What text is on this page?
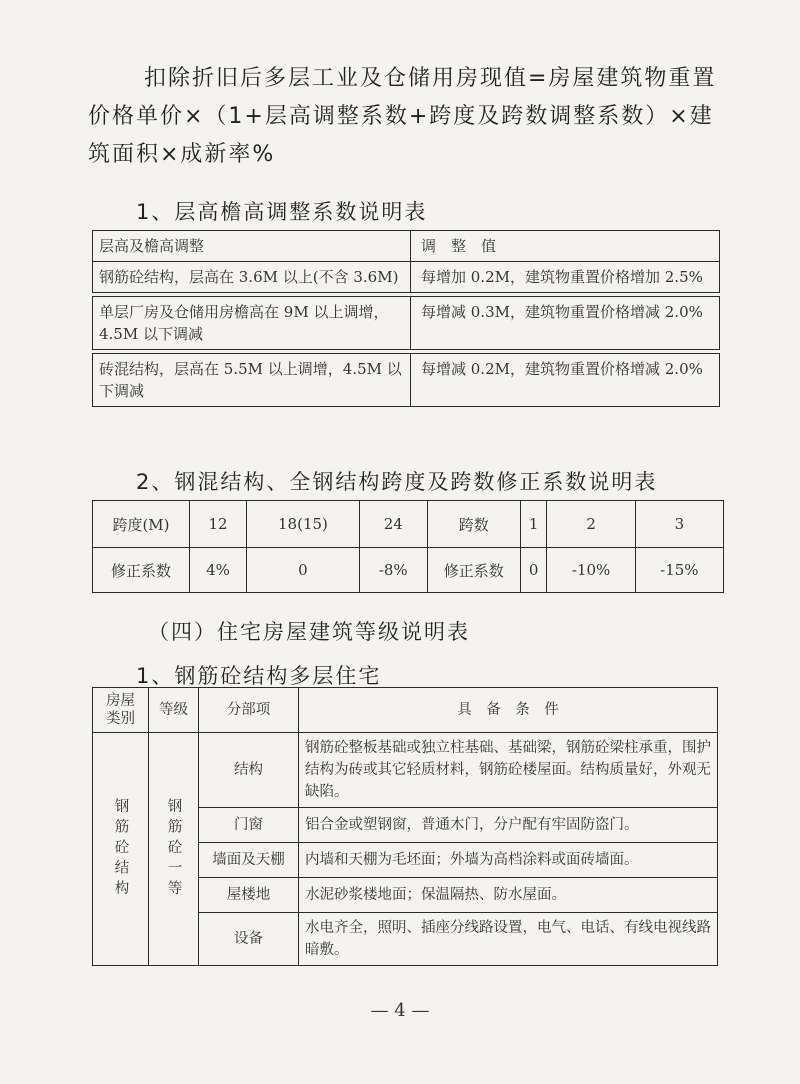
扣除折旧后多层工业及仓储用房现值=房屋建筑物重置
价格单价×（1+层高调整系数+跨度及跨数调整系数）×建
筑面积×成新率%
1、层高檐高调整系数说明表
层高及檐高调整	调　整　值
钢筋砼结构，层高在 3.6M 以上(不含 3.6M)	每增加 0.2M，建筑物重置价格增加 2.5%

单层厂房及仓储用房檐高在 9M 以上调增，4.5M 以下调减	每增减 0.3M，建筑物重置价格增减 2.0%

砖混结构，层高在 5.5M 以上调增，4.5M 以下调减	每增减 0.2M，建筑物重置价格增减 2.0%
2、钢混结构、全钢结构跨度及跨数修正系数说明表
跨度(M)	12	18(15)	24	跨数	1	2	3
修正系数	4%	0	-8%	修正系数	0	-10%	-15%
（四）住宅房屋建筑等级说明表
1、钢筋砼结构多层住宅
房屋类别	等级	分部项	具　备　条　件

钢筋砼结构	钢筋砼一等	结构	钢筋砼整板基础或独立柱基础、基础梁，钢筋砼梁柱承重，围护结构为砖或其它轻质材料，钢筋砼楼屋面。结构质量好，外观无缺陷。
		门窗	铝合金或塑钢窗，普通木门，分户配有牢固防盗门。
		墙面及天棚	内墙和天棚为毛坯面；外墙为高档涂料或面砖墙面。
		屋楼地	水泥砂浆楼地面；保温隔热、防水屋面。
		设备	水电齐全，照明、插座分线路设置，电气、电话、有线电视线路暗敷。
— 4 —
